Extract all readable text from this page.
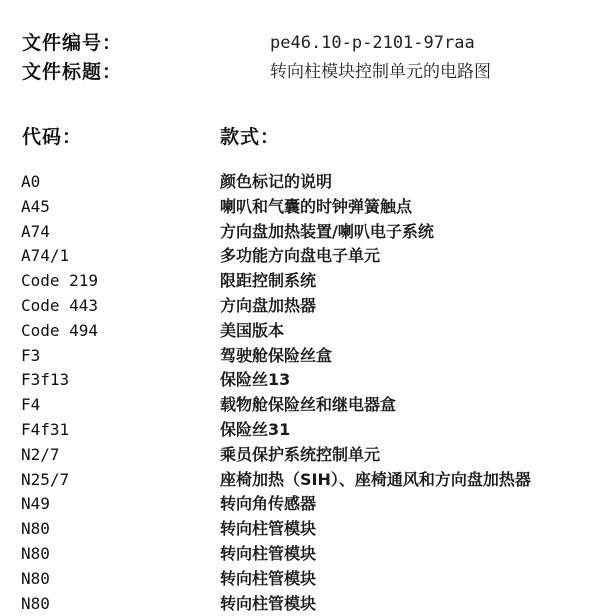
文件编号：	pe46.10-p-2101-97raa
文件标题：	转向柱模块控制单元的电路图
代码：	款式：
A0	颜色标记的说明
A45	喇叭和气囊的时钟弹簧触点
A74	方向盘加热装置/喇叭电子系统
A74/1	多功能方向盘电子单元
Code 219	限距控制系统
Code 443	方向盘加热器
Code 494	美国版本
F3	驾驶舱保险丝盒
F3f13	保险丝13
F4	载物舱保险丝和继电器盒
F4f31	保险丝31
N2/7	乘员保护系统控制单元
N25/7	座椅加热（SIH）、座椅通风和方向盘加热器
N49	转向角传感器
N80	转向柱管模块
N80	转向柱管模块
N80	转向柱管模块
N80	转向柱管模块
